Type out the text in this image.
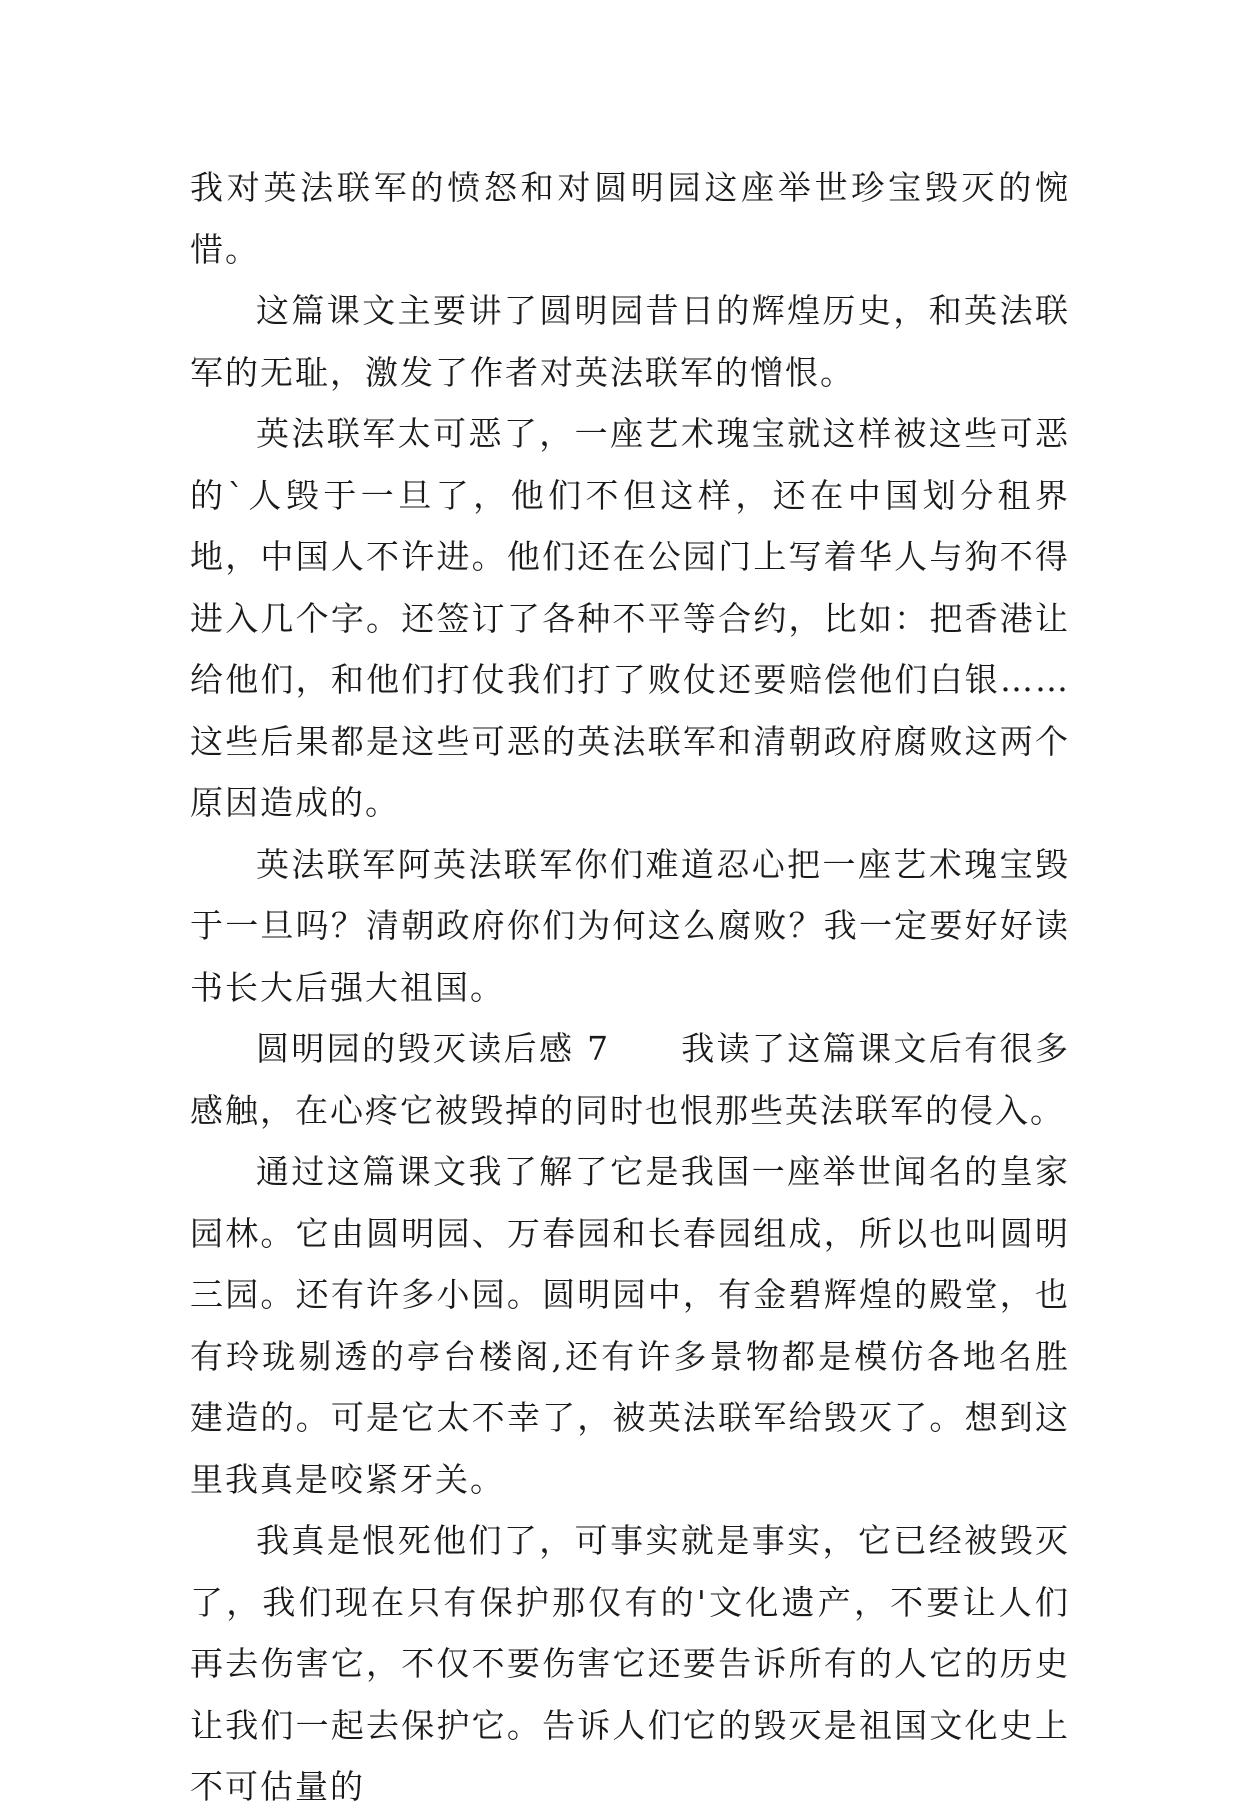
我对英法联军的愤怒和对圆明园这座举世珍宝毁灭的惋惜。

这篇课文主要讲了圆明园昔日的辉煌历史，和英法联军的无耻，激发了作者对英法联军的憎恨。

英法联军太可恶了，一座艺术瑰宝就这样被这些可恶的`人毁于一旦了，他们不但这样，还在中国划分租界地，中国人不许进。他们还在公园门上写着华人与狗不得进入几个字。还签订了各种不平等合约，比如：把香港让给他们，和他们打仗我们打了败仗还要赔偿他们白银……这些后果都是这些可恶的英法联军和清朝政府腐败这两个原因造成的。

英法联军阿英法联军你们难道忍心把一座艺术瑰宝毁于一旦吗？清朝政府你们为何这么腐败？我一定要好好读书长大后强大祖国。

圆明园的毁灭读后感 7　　我读了这篇课文后有很多感触，在心疼它被毁掉的同时也恨那些英法联军的侵入。

通过这篇课文我了解了它是我国一座举世闻名的皇家园林。它由圆明园、万春园和长春园组成，所以也叫圆明三园。还有许多小园。圆明园中，有金碧辉煌的殿堂，也有玲珑剔透的亭台楼阁,还有许多景物都是模仿各地名胜建造的。可是它太不幸了，被英法联军给毁灭了。想到这里我真是咬紧牙关。

我真是恨死他们了，可事实就是事实，它已经被毁灭了，我们现在只有保护那仅有的'文化遗产，不要让人们再去伤害它，不仅不要伤害它还要告诉所有的人它的历史让我们一起去保护它。告诉人们它的毁灭是祖国文化史上不可估量的
